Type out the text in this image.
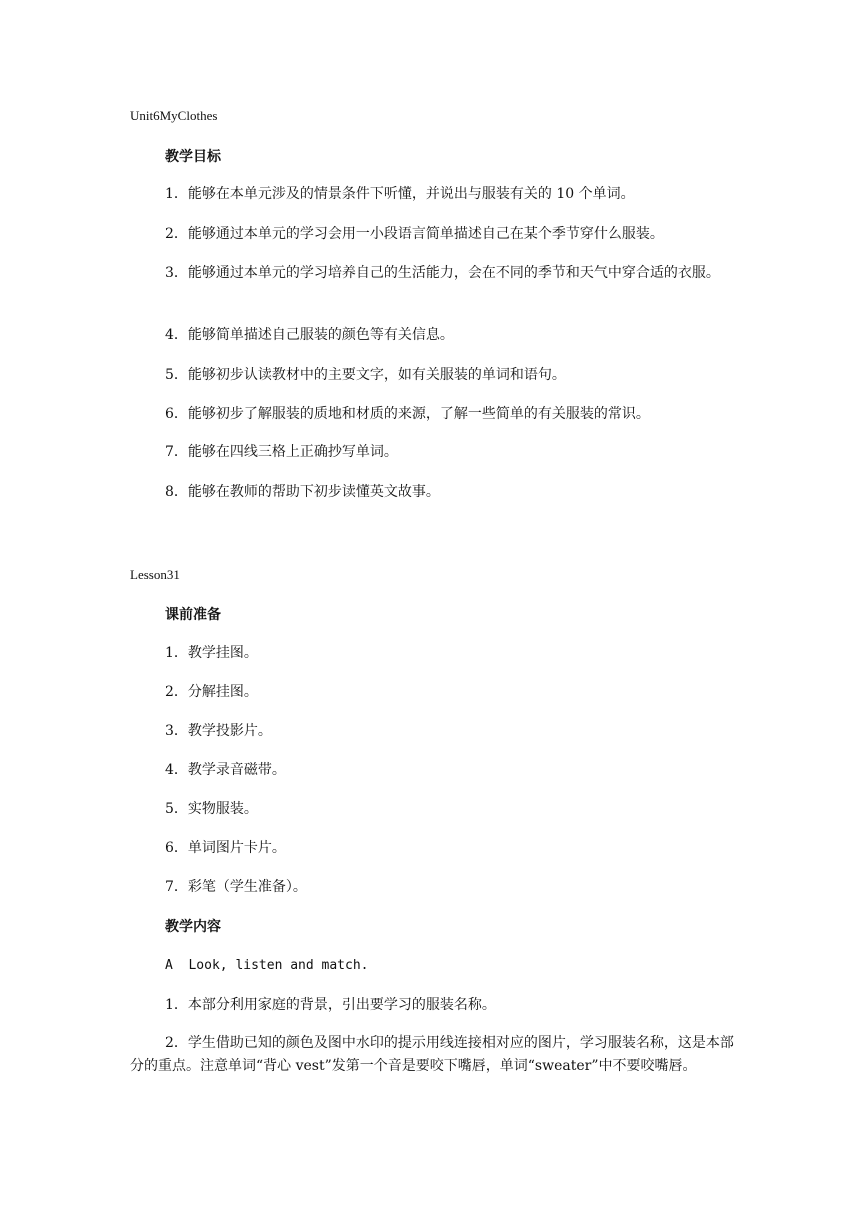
Unit6MyClothes
教学目标
1．能够在本单元涉及的情景条件下听懂，并说出与服装有关的 10 个单词。
2．能够通过本单元的学习会用一小段语言简单描述自己在某个季节穿什么服装。
3．能够通过本单元的学习培养自己的生活能力，会在不同的季节和天气中穿合适的衣服。
4．能够简单描述自己服装的颜色等有关信息。
5．能够初步认读教材中的主要文字，如有关服装的单词和语句。
6．能够初步了解服装的质地和材质的来源，了解一些简单的有关服装的常识。
7．能够在四线三格上正确抄写单词。
8．能够在教师的帮助下初步读懂英文故事。
Lesson31
课前准备
1．教学挂图。
2．分解挂图。
3．教学投影片。
4．教学录音磁带。
5．实物服装。
6．单词图片卡片。
7．彩笔（学生准备）。
教学内容
A  Look, listen and match.
1．本部分利用家庭的背景，引出要学习的服装名称。
2．学生借助已知的颜色及图中水印的提示用线连接相对应的图片，学习服装名称，这是本部分的重点。注意单词“背心 vest”发第一个音是要咬下嘴唇，单词“sweater”中不要咬嘴唇。
